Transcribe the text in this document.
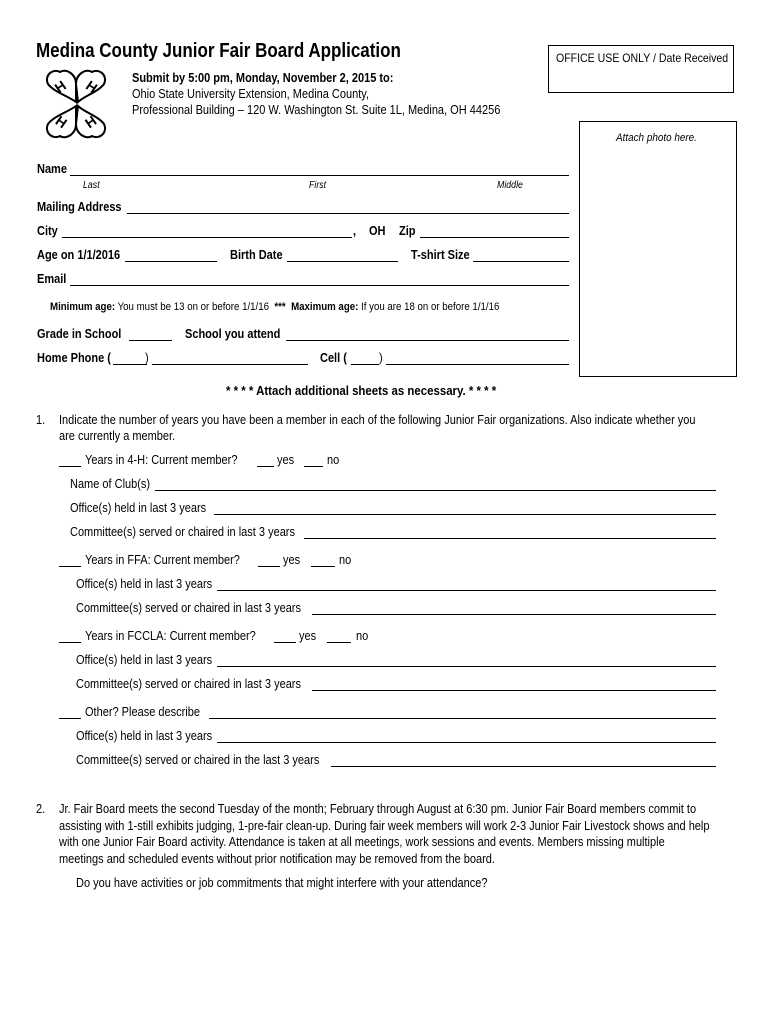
Medina County Junior Fair Board Application	OFFICE USE ONLY / Date Received
H H
H H
Submit by 5:00 pm, Monday, November 2, 2015 to:
Ohio State University Extension, Medina County,
Professional Building – 120 W. Washington St. Suite 1L, Medina, OH 44256
Attach photo here.
Name
Last	First	Middle
Mailing Address
City	, OH Zip
Age on 1/1/2016	Birth Date	T-shirt Size
Email
Minimum age: You must be 13 on or before 1/1/16 *** Maximum age: If you are 18 on or before 1/1/16
Grade in School	School you attend
Home Phone (	)	Cell (	)
* * * * Attach additional sheets as necessary. * * * *
1. Indicate the number of years you have been a member in each of the following Junior Fair organizations. Also indicate whether you
are currently a member.
Years in 4-H: Current member?	yes	no
Name of Club(s)
Office(s) held in last 3 years
Committee(s) served or chaired in last 3 years
Years in FFA: Current member?	yes	no
Office(s) held in last 3 years
Committee(s) served or chaired in last 3 years
Years in FCCLA: Current member?	yes	no
Office(s) held in last 3 years
Committee(s) served or chaired in last 3 years
Other? Please describe
Office(s) held in last 3 years
Committee(s) served or chaired in the last 3 years
2. Jr. Fair Board meets the second Tuesday of the month; February through August at 6:30 pm. Junior Fair Board members commit to
assisting with 1-still exhibits judging, 1-pre-fair clean-up. During fair week members will work 2-3 Junior Fair Livestock shows and help
with one Junior Fair Board activity. Attendance is taken at all meetings, work sessions and events. Members missing multiple
meetings and scheduled events without prior notification may be removed from the board.
Do you have activities or job commitments that might interfere with your attendance?
